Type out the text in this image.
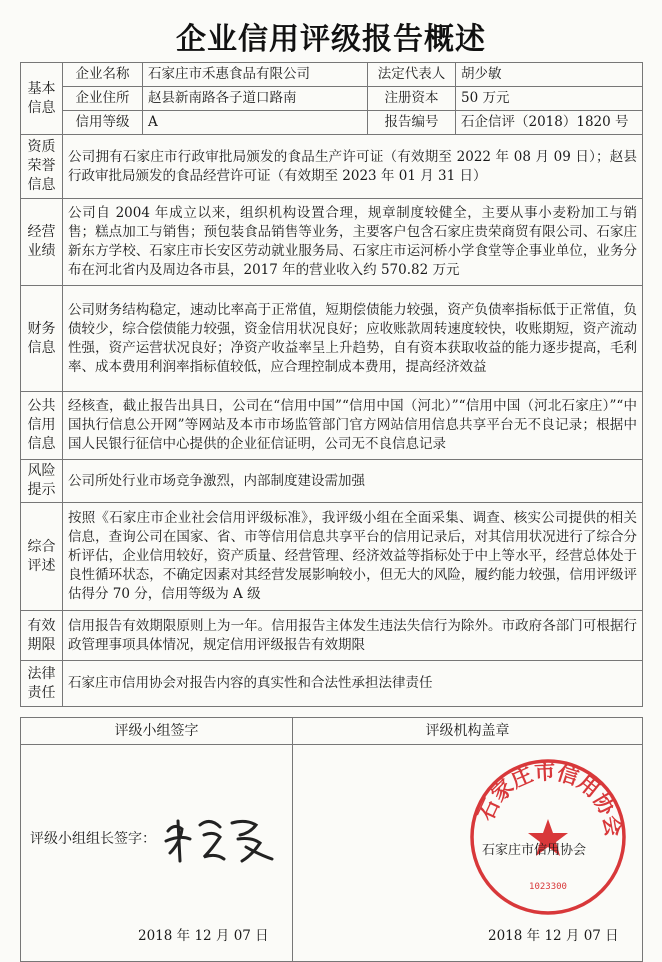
企业信用评级报告概述
基本信息	企业名称	石家庄市禾惠食品有限公司	法定代表人	胡少敏
	企业住所	赵县新南路各子道口路南	注册资本	50 万元
	信用等级	A	报告编号	石企信评（2018）1820 号
资质荣誉信息	公司拥有石家庄市行政审批局颁发的食品生产许可证（有效期至 2022 年 08 月 09 日）；赵县行政审批局颁发的食品经营许可证（有效期至 2023 年 01 月 31 日）			
经营业绩	公司自 2004 年成立以来，组织机构设置合理，规章制度较健全，主要从事小麦粉加工与销售；糕点加工与销售；预包装食品销售等业务，主要客户包含石家庄贵荣商贸有限公司、石家庄新东方学校、石家庄市长安区劳动就业服务局、石家庄市运河桥小学食堂等企事业单位，业务分布在河北省内及周边各市县，2017 年的营业收入约 570.82 万元			
财务信息	公司财务结构稳定，速动比率高于正常值，短期偿债能力较强，资产负债率指标低于正常值，负债较少，综合偿债能力较强，资金信用状况良好；应收账款周转速度较快，收账期短，资产流动性强，资产运营状况良好；净资产收益率呈上升趋势，自有资本获取收益的能力逐步提高，毛利率、成本费用利润率指标值较低，应合理控制成本费用，提高经济效益			
公共信用信息	经核查，截止报告出具日，公司在“信用中国”“信用中国（河北）”“信用中国（河北石家庄）”“中国执行信息公开网”等网站及本市市场监管部门官方网站信用信息共享平台无不良记录；根据中国人民银行征信中心提供的企业征信证明，公司无不良信息记录			
风险提示	公司所处行业市场竞争激烈，内部制度建设需加强			
综合评述	按照《石家庄市企业社会信用评级标准》，我评级小组在全面采集、调查、核实公司提供的相关信息，查询公司在国家、省、市等信用信息共享平台的信用记录后，对其信用状况进行了综合分析评估，企业信用较好，资产质量、经营管理、经济效益等指标处于中上等水平，经营总体处于良性循环状态，不确定因素对其经营发展影响较小，但无大的风险，履约能力较强，信用评级评估得分 70 分，信用等级为 A 级			
有效期限	信用报告有效期限原则上为一年。信用报告主体发生违法失信行为除外。市政府各部门可根据行政管理事项具体情况，规定信用评级报告有效期限			
法律责任	石家庄市信用协会对报告内容的真实性和合法性承担法律责任			
评级小组签字	评级机构盖章

评级小组组长签字：
2018 年 12 月 07 日	石家庄市信用协会
1023300
石家庄市信用协会
2018 年 12 月 07 日
